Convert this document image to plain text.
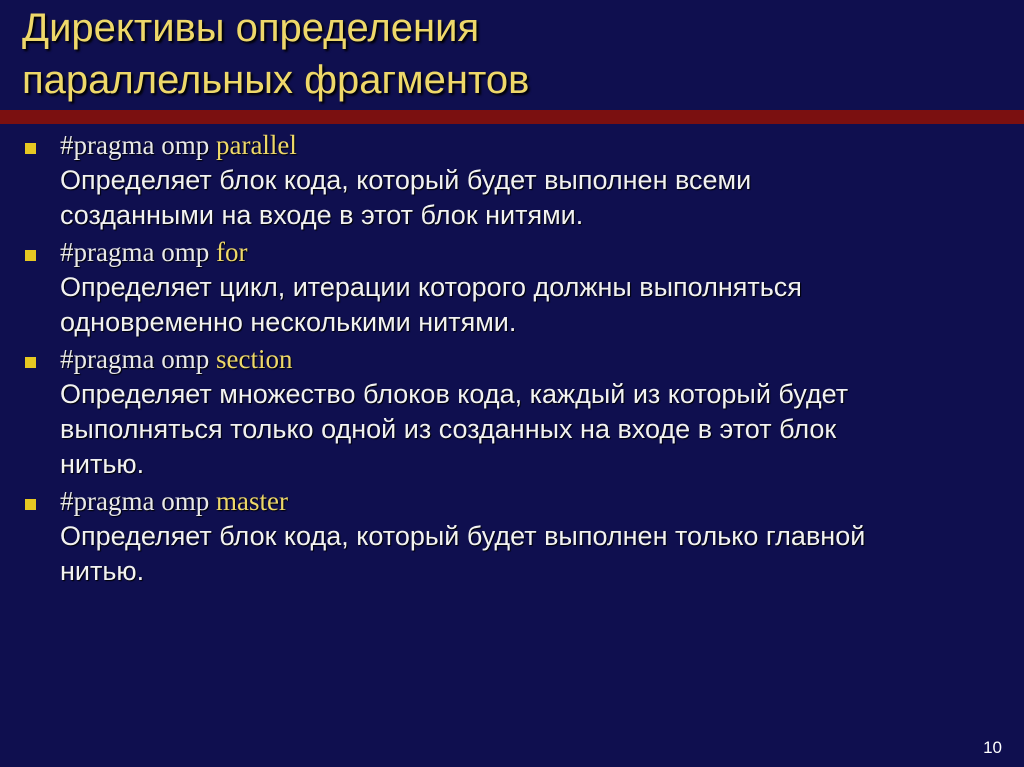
Директивы определения
параллельных фрагментов
#pragma omp parallel
Определяет блок кода, который будет выполнен всеми
созданными на входе в этот блок нитями.
#pragma omp for
Определяет цикл, итерации которого должны выполняться
одновременно несколькими нитями.
#pragma omp section
Определяет множество блоков кода, каждый из который будет
выполняться только одной из созданных на входе в этот блок
нитью.
#pragma omp master
Определяет блок кода, который будет выполнен только главной
нитью.
10
